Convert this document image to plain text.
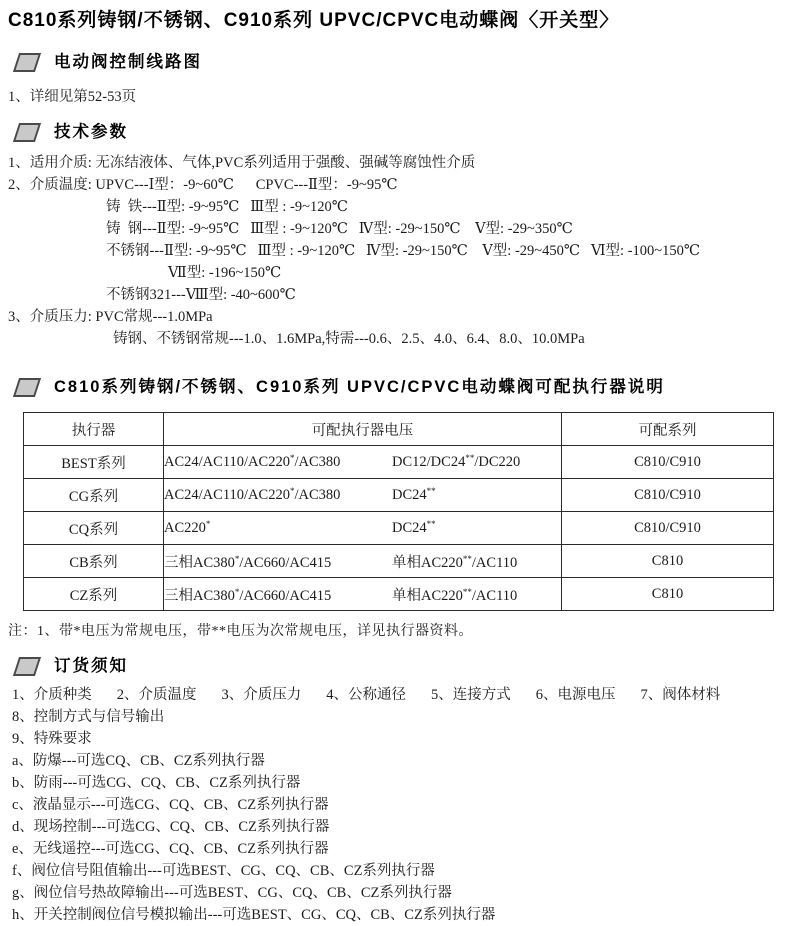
C810系列铸钢/不锈钢、C910系列 UPVC/CPVC电动蝶阀〈开关型〉
电动阀控制线路图
1、详细见第52-53页
技术参数
1、适用介质: 无冻结液体、气体,PVC系列适用于强酸、强碱等腐蚀性介质
2、介质温度: UPVC---Ⅰ型：-9~60℃      CPVC---Ⅱ型：-9~95℃
铸  铁---Ⅱ型: -9~95℃   Ⅲ型 : -9~120℃
铸  钢---Ⅱ型: -9~95℃   Ⅲ型 : -9~120℃   Ⅳ型: -29~150℃    Ⅴ型: -29~350℃
不锈钢---Ⅱ型: -9~95℃   Ⅲ型 : -9~120℃   Ⅳ型: -29~150℃    Ⅴ型: -29~450℃   Ⅵ型: -100~150℃
Ⅶ型: -196~150℃
不锈钢321---Ⅷ型: -40~600℃
3、介质压力: PVC常规---1.0MPa
铸钢、不锈钢常规---1.0、1.6MPa,特需---0.6、2.5、4.0、6.4、8.0、10.0MPa
C810系列铸钢/不锈钢、C910系列 UPVC/CPVC电动蝶阀可配执行器说明
执行器	可配执行器电压	可配系列
BEST系列	AC24/AC110/AC220*/AC380 DC12/DC24**/DC220	C810/C910
CG系列	AC24/AC110/AC220*/AC380 DC24**	C810/C910
CQ系列	AC220* DC24**	C810/C910
CB系列	三相AC380*/AC660/AC415 单相AC220**/AC110	C810
CZ系列	三相AC380*/AC660/AC415 单相AC220**/AC110	C810
注：1、带*电压为常规电压，带**电压为次常规电压，详见执行器资料。
订货须知
1、介质种类 2、介质温度 3、介质压力 4、公称通径 5、连接方式 6、电源电压 7、阀体材料
8、控制方式与信号输出
9、特殊要求
a、防爆---可选CQ、CB、CZ系列执行器
b、防雨---可选CG、CQ、CB、CZ系列执行器
c、液晶显示---可选CG、CQ、CB、CZ系列执行器
d、现场控制---可选CG、CQ、CB、CZ系列执行器
e、无线遥控---可选CG、CQ、CB、CZ系列执行器
f、阀位信号阻值输出---可选BEST、CG、CQ、CB、CZ系列执行器
g、阀位信号热故障输出---可选BEST、CG、CQ、CB、CZ系列执行器
h、开关控制阀位信号模拟输出---可选BEST、CG、CQ、CB、CZ系列执行器
